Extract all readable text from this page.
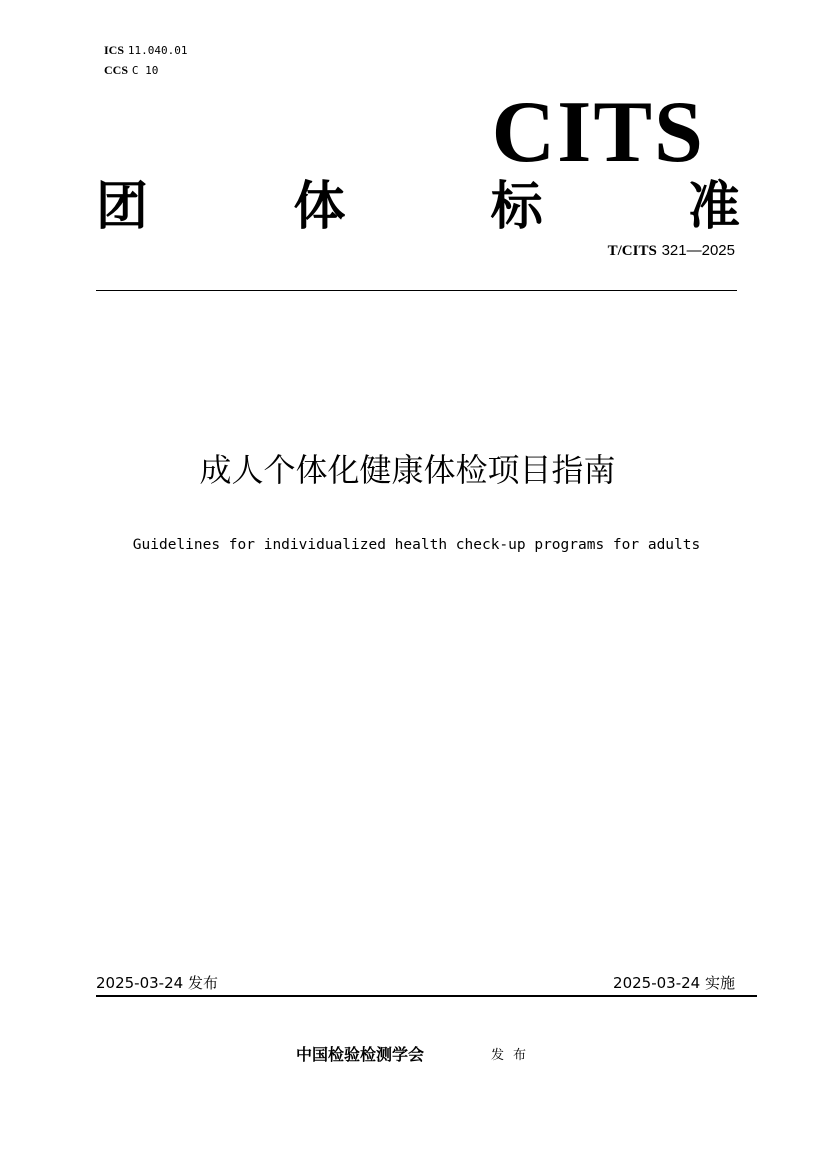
ICS 11.040.01
CCS C 10
CITS
团	体	标	准
T/CITS 321—2025
成人个体化健康体检项目指南
Guidelines for individualized health check-up programs for adults
2025-03-24 发布	2025-03-24 实施
中国检验检测学会	发布
